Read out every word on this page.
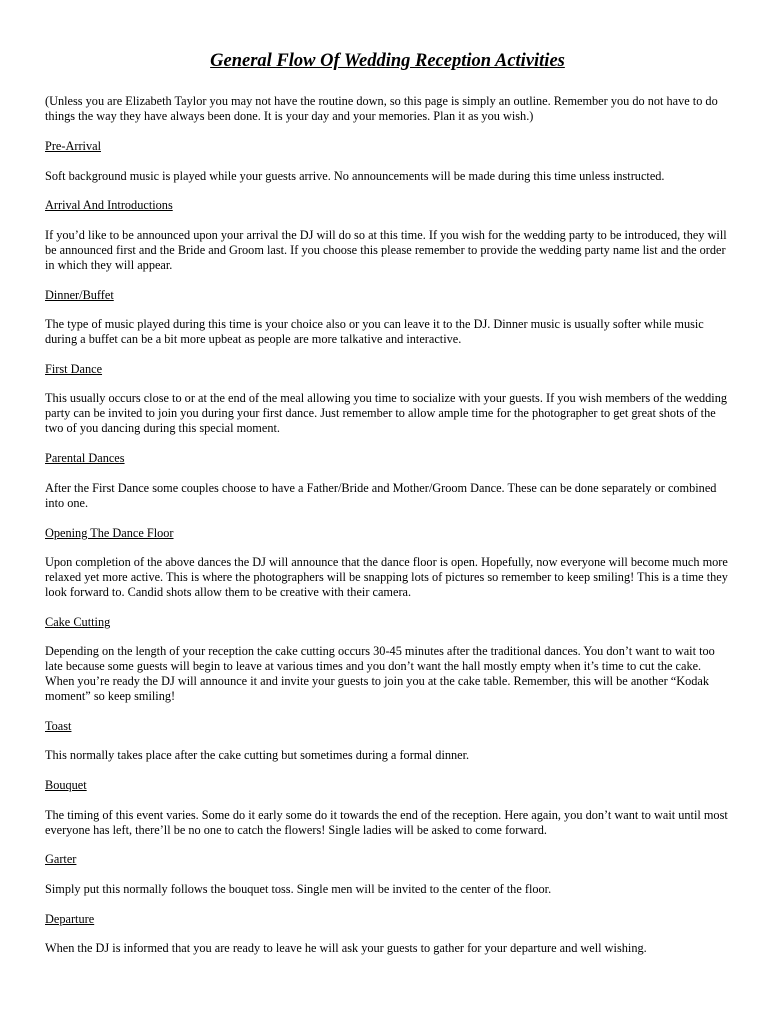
General Flow Of Wedding Reception Activities

(Unless you are Elizabeth Taylor you may not have the routine down, so this page is simply an outline. Remember you do not have to do things the way they have always been done. It is your day and your memories. Plan it as you wish.)

Pre-Arrival

Soft background music is played while your guests arrive. No announcements will be made during this time unless instructed.

Arrival And Introductions

If you’d like to be announced upon your arrival the DJ will do so at this time. If you wish for the wedding party to be introduced, they will be announced first and the Bride and Groom last. If you choose this please remember to provide the wedding party name list and the order in which they will appear.

Dinner/Buffet

The type of music played during this time is your choice also or you can leave it to the DJ. Dinner music is usually softer while music during a buffet can be a bit more upbeat as people are more talkative and interactive.

First Dance

This usually occurs close to or at the end of the meal allowing you time to socialize with your guests. If you wish members of the wedding party can be invited to join you during your first dance. Just remember to allow ample time for the photographer to get great shots of the two of you dancing during this special moment.

Parental Dances

After the First Dance some couples choose to have a Father/Bride and Mother/Groom Dance. These can be done separately or combined into one.

Opening The Dance Floor

Upon completion of the above dances the DJ will announce that the dance floor is open. Hopefully, now everyone will become much more relaxed yet more active. This is where the photographers will be snapping lots of pictures so remember to keep smiling! This is a time they look forward to. Candid shots allow them to be creative with their camera.

Cake Cutting

Depending on the length of your reception the cake cutting occurs 30-45 minutes after the traditional dances. You don’t want to wait too late because some guests will begin to leave at various times and you don’t want the hall mostly empty when it’s time to cut the cake. When you’re ready the DJ will announce it and invite your guests to join you at the cake table. Remember, this will be another “Kodak moment” so keep smiling!

Toast

This normally takes place after the cake cutting but sometimes during a formal dinner.

Bouquet

The timing of this event varies. Some do it early some do it towards the end of the reception. Here again, you don’t want to wait until most everyone has left, there’ll be no one to catch the flowers! Single ladies will be asked to come forward.

Garter

Simply put this normally follows the bouquet toss. Single men will be invited to the center of the floor.

Departure

When the DJ is informed that you are ready to leave he will ask your guests to gather for your departure and well wishing.
